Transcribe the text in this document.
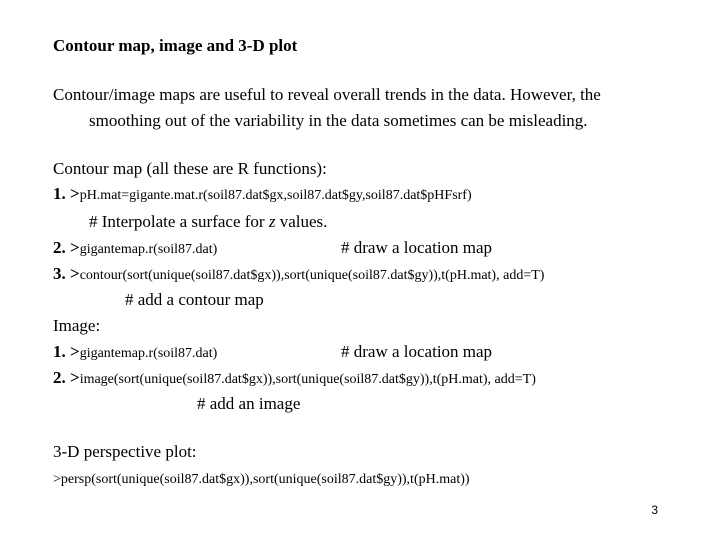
Contour map, image and 3-D plot
Contour/image maps are useful to reveal overall trends in the data. However, the
smoothing out of the variability in the data sometimes can be misleading.
Contour map (all these are R functions):
1. >pH.mat=gigante.mat.r(soil87.dat$gx,soil87.dat$gy,soil87.dat$pHFsrf)
# Interpolate a surface for z values.
2. >gigantemap.r(soil87.dat)	# draw a location map
3. >contour(sort(unique(soil87.dat$gx)),sort(unique(soil87.dat$gy)),t(pH.mat), add=T)
# add a contour map
Image:
1. >gigantemap.r(soil87.dat)	# draw a location map
2. >image(sort(unique(soil87.dat$gx)),sort(unique(soil87.dat$gy)),t(pH.mat), add=T)
# add an image
3-D perspective plot:
>persp(sort(unique(soil87.dat$gx)),sort(unique(soil87.dat$gy)),t(pH.mat))
3
